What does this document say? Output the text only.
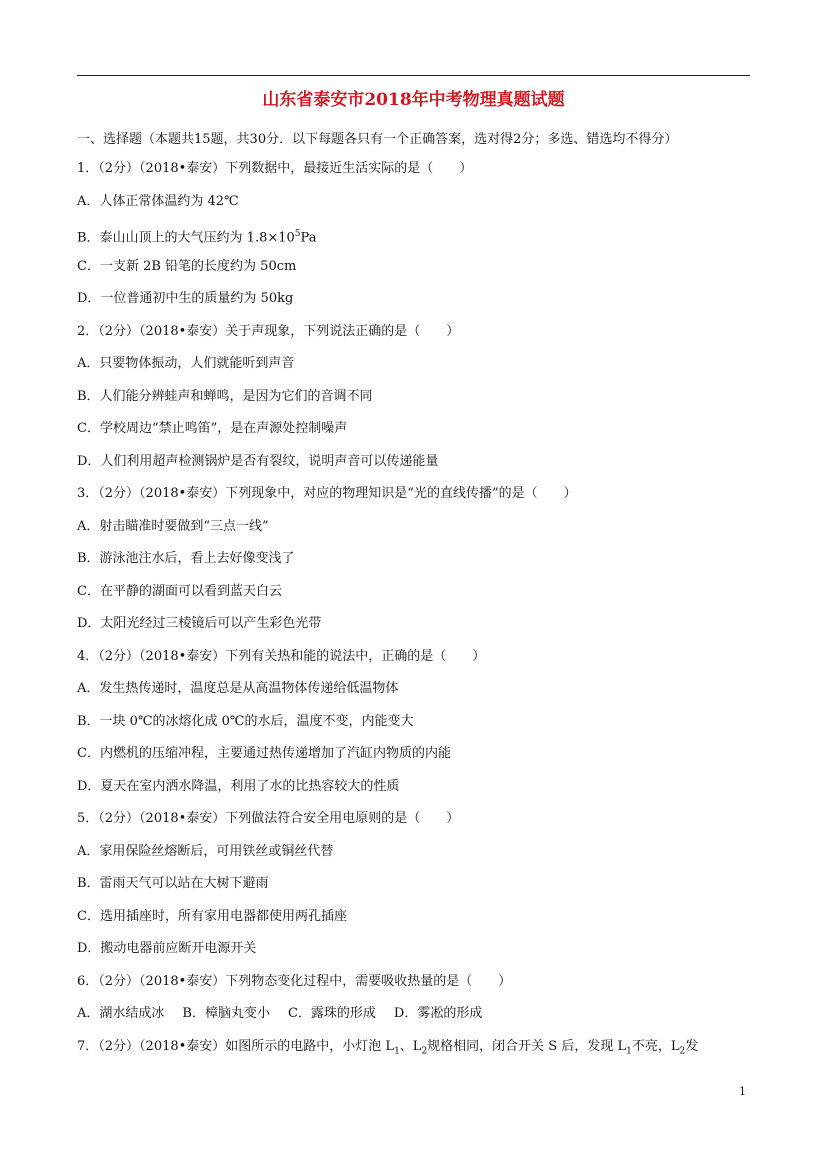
山东省泰安市2018年中考物理真题试题
一、选择题（本题共15题，共30分．以下每题各只有一个正确答案，选对得2分；多选、错选均不得分）
1．（2分）（2018•泰安）下列数据中，最接近生活实际的是（　　）
A．人体正常体温约为 42℃
B．泰山山顶上的大气压约为 $1.8\times 10^5Pa$
C．一支新 2B 铅笔的长度约为 50cm
D．一位普通初中生的质量约为 50kg
2．（2分）（2018•泰安）关于声现象，下列说法正确的是（　　）
A．只要物体振动，人们就能听到声音
B．人们能分辨蛙声和蝉鸣，是因为它们的音调不同
C．学校周边“禁止鸣笛”，是在声源处控制噪声
D．人们利用超声检测锅炉是否有裂纹，说明声音可以传递能量
3．（2分）（2018•泰安）下列现象中，对应的物理知识是“光的直线传播”的是（　　）
A．射击瞄准时要做到“三点一线”
B．游泳池注水后，看上去好像变浅了
C．在平静的湖面可以看到蓝天白云
D．太阳光经过三棱镜后可以产生彩色光带
4．（2分）（2018•泰安）下列有关热和能的说法中，正确的是（　　）
A．发生热传递时，温度总是从高温物体传递给低温物体
B．一块 0℃的冰熔化成 0℃的水后，温度不变，内能变大
C．内燃机的压缩冲程，主要通过热传递增加了汽缸内物质的内能
D．夏天在室内洒水降温，利用了水的比热容较大的性质
5．（2分）（2018•泰安）下列做法符合安全用电原则的是（　　）
A．家用保险丝熔断后，可用铁丝或铜丝代替
B．雷雨天气可以站在大树下避雨
C．选用插座时，所有家用电器都使用两孔插座
D．搬动电器前应断开电源开关
6．（2分）（2018•泰安）下列物态变化过程中，需要吸收热量的是（　　）
A．湖水结成冰 B．樟脑丸变小 C．露珠的形成 D．雾凇的形成
7．（2分）（2018•泰安）如图所示的电路中，小灯泡 $L_1$、$L_2$规格相同，闭合开关 S 后，发现 $L_1$不亮，$L_2$发
1
